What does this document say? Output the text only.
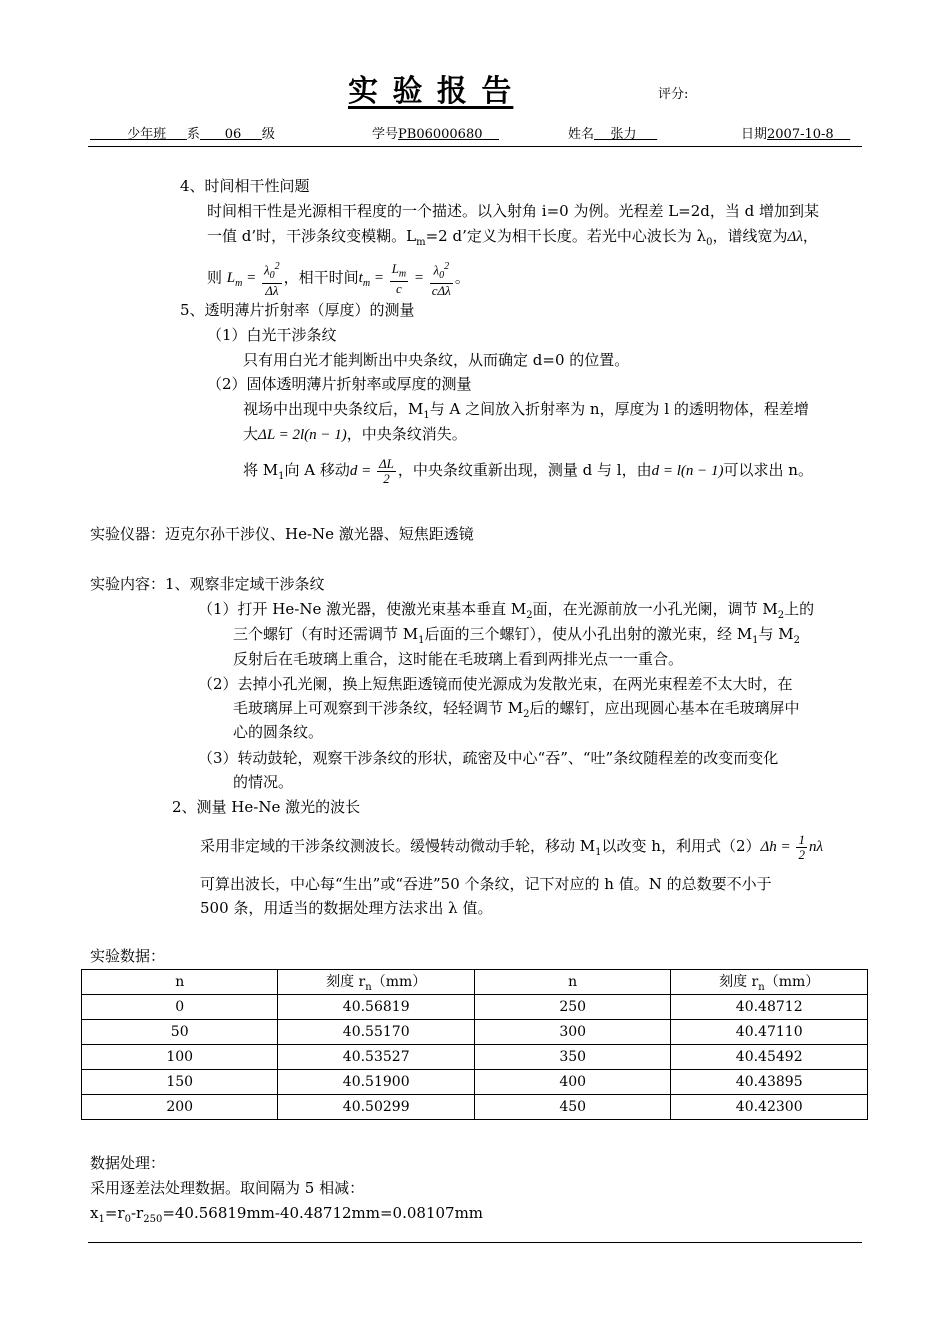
实 验 报 告	评分:
少年班 系 06 级	学号PB06000680	姓名 张力	日期2007-10-8
4、时间相干性问题
时间相干性是光源相干程度的一个描述。以入射角 i=0 为例。光程差 L=2d，当 d 增加到某
一值 d’时，干涉条纹变模糊。$L_m=2$ d’定义为相干长度。若光中心波长为 $\lambda_0$，谱线宽为Δλ，
则 $L_m = \frac{\lambda_0^2}{\Delta\lambda}$ ，相干时间$t_m = \frac{L_m}{c} = \frac{\lambda_0^2}{\text{cΔλ}}$ 。
5、透明薄片折射率（厚度）的测量
（1）白光干涉条纹
只有用白光才能判断出中央条纹，从而确定 d=0 的位置。
（2）固体透明薄片折射率或厚度的测量
视场中出现中央条纹后，$M_1$与 A 之间放入折射率为 n，厚度为 l 的透明物体，程差增
大ΔL = 2l(n − 1)，中央条纹消失。
将 $M_1$向 A 移动$d = \frac{\Delta L}{2}$ ，中央条纹重新出现，测量 d 与 l，由d = l(n − 1)可以求出 n。
实验仪器：迈克尔孙干涉仪、He-Ne 激光器、短焦距透镜
实验内容：1、观察非定域干涉条纹
（1）打开 He-Ne 激光器，使激光束基本垂直 $M_2$面，在光源前放一小孔光阑，调节 $M_2$上的
三个螺钉（有时还需调节 $M_1$后面的三个螺钉），使从小孔出射的激光束，经 $M_1$与 $M_2$
反射后在毛玻璃上重合，这时能在毛玻璃上看到两排光点一一重合。
（2）去掉小孔光阑，换上短焦距透镜而使光源成为发散光束，在两光束程差不太大时，在
毛玻璃屏上可观察到干涉条纹，轻轻调节 $M_2$后的螺钉，应出现圆心基本在毛玻璃屏中
心的圆条纹。
（3）转动鼓轮，观察干涉条纹的形状，疏密及中心“吞”、“吐”条纹随程差的改变而变化
的情况。
2、测量 He-Ne 激光的波长
采用非定域的干涉条纹测波长。缓慢转动微动手轮，移动 $M_1$以改变 h，利用式$(2)\Delta h = \frac{1}{2}$ nλ
可算出波长，中心每“生出”或“吞进”50 个条纹，记下对应的 h 值。N 的总数要不小于
500 条，用适当的数据处理方法求出 λ 值。
实验数据：
n	刻度 $r_n(mm)$	n	刻度 $r_n(mm)$
0	40.56819	250	40.48712
50	40.55170	300	40.47110
100	40.53527	350	40.45492
150	40.51900	400	40.43895
200	40.50299	450	40.42300
数据处理：
采用逐差法处理数据。取间隔为 5 相减：
$x_1=r_0-r_{250}=40.56819mm-40.48712mm=0.08107mm$
